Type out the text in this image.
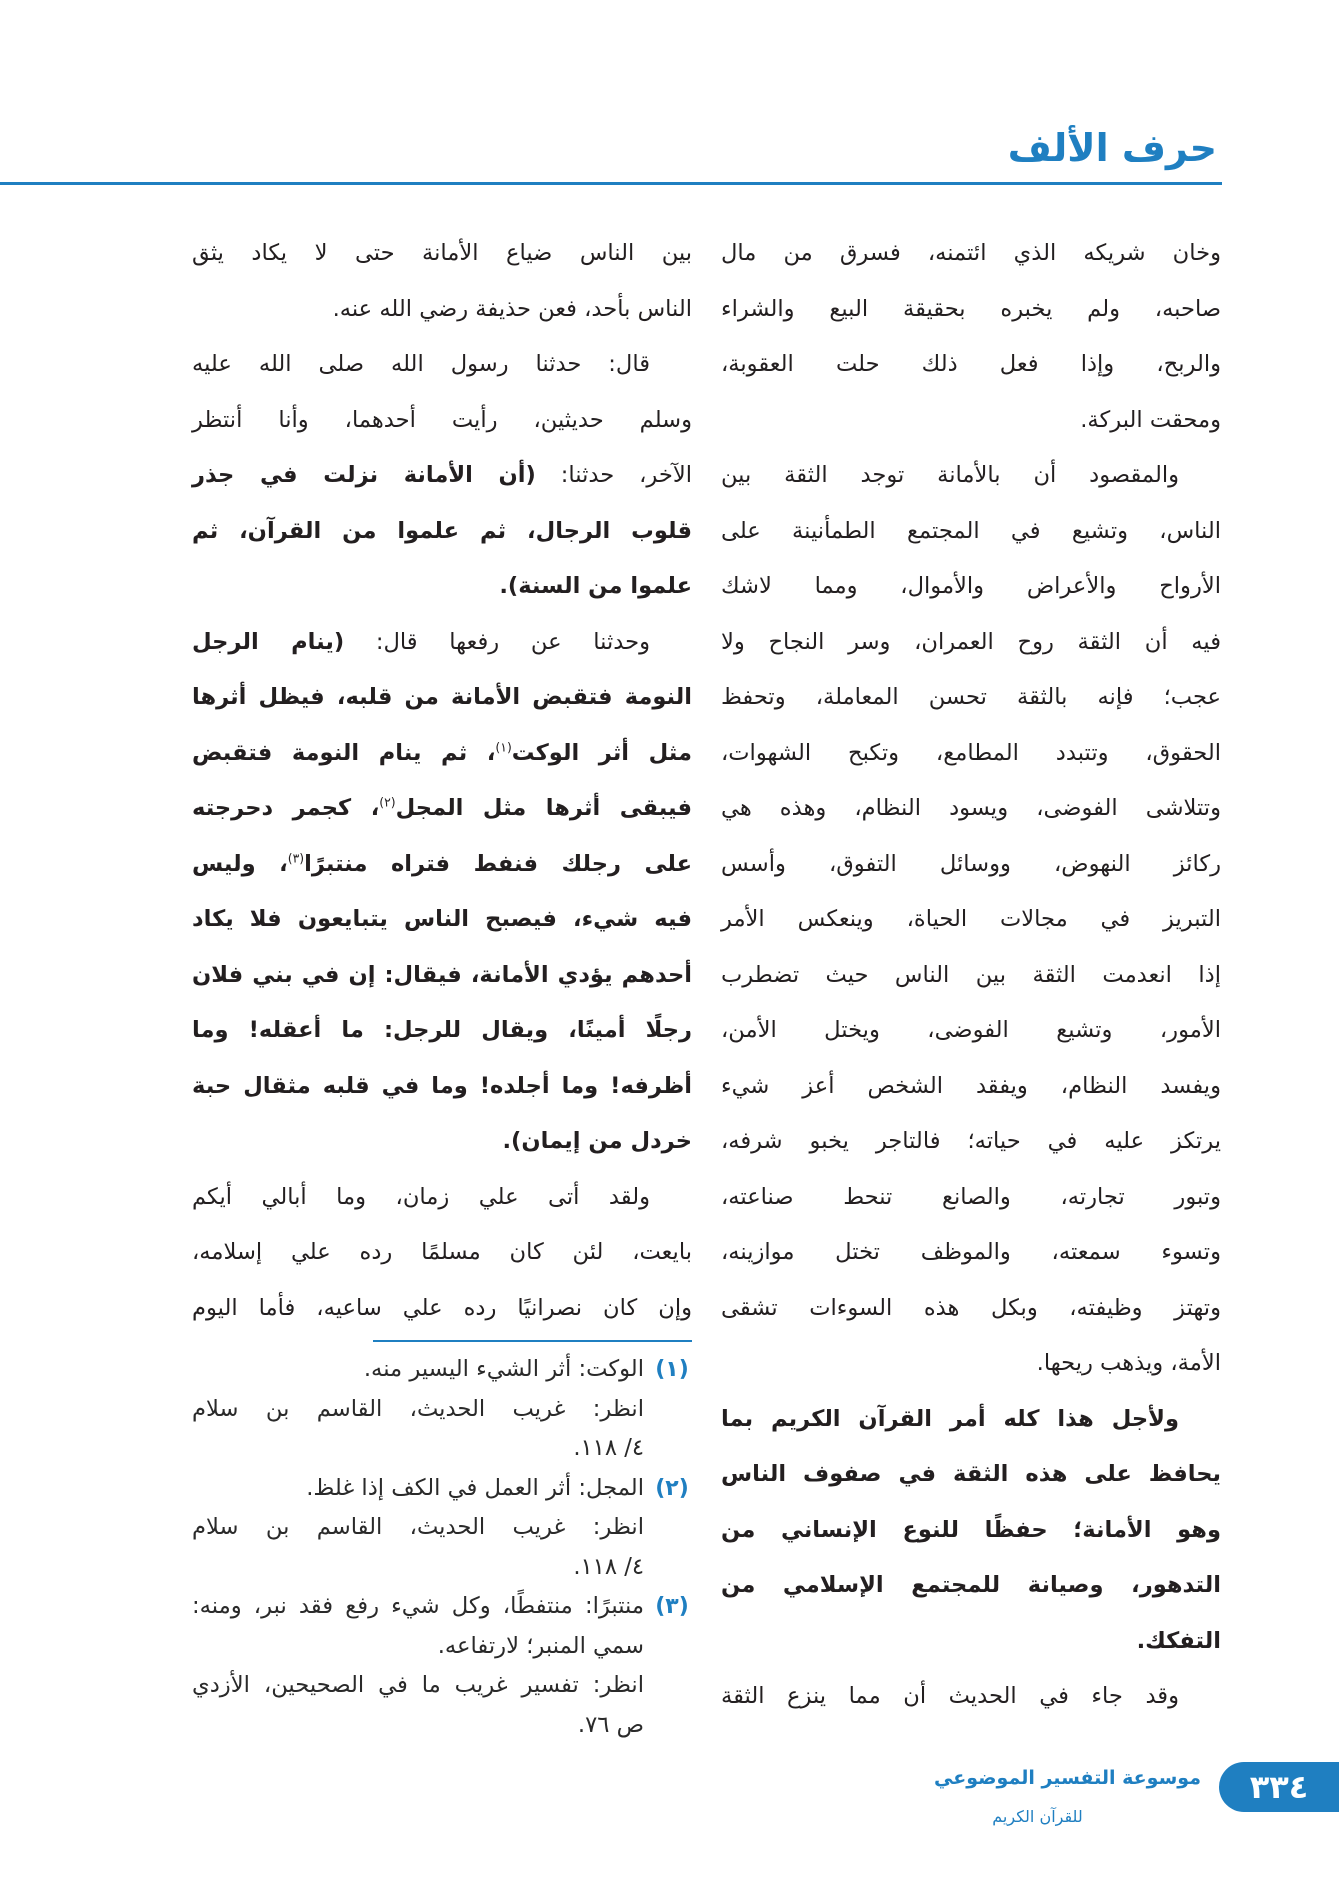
حرف الألف
وخان شريكه الذي ائتمنه، فسرق من مال
صاحبه، ولم يخبره بحقيقة البيع والشراء
والربح، وإذا فعل ذلك حلت العقوبة،
ومحقت البركة.
والمقصود أن بالأمانة توجد الثقة بين
الناس، وتشيع في المجتمع الطمأنينة على
الأرواح والأعراض والأموال، ومما لاشك
فيه أن الثقة روح العمران، وسر النجاح ولا
عجب؛ فإنه بالثقة تحسن المعاملة، وتحفظ
الحقوق، وتتبدد المطامع، وتكبح الشهوات،
وتتلاشى الفوضى، ويسود النظام، وهذه هي
ركائز النهوض، ووسائل التفوق، وأسس
التبريز في مجالات الحياة، وينعكس الأمر
إذا انعدمت الثقة بين الناس حيث تضطرب
الأمور، وتشيع الفوضى، ويختل الأمن،
ويفسد النظام، ويفقد الشخص أعز شيء
يرتكز عليه في حياته؛ فالتاجر يخبو شرفه،
وتبور تجارته، والصانع تنحط صناعته،
وتسوء سمعته، والموظف تختل موازينه،
وتهتز وظيفته، وبكل هذه السوءات تشقى
الأمة، ويذهب ريحها.
ولأجل هذا كله أمر القرآن الكريم بما
يحافظ على هذه الثقة في صفوف الناس
وهو الأمانة؛ حفظًا للنوع الإنساني من
التدهور، وصيانة للمجتمع الإسلامي من
التفكك.
وقد جاء في الحديث أن مما ينزع الثقة
بين الناس ضياع الأمانة حتى لا يكاد يثق
الناس بأحد، فعن حذيفة رضي الله عنه.
قال: حدثنا رسول الله صلى الله عليه
وسلم حديثين، رأيت أحدهما، وأنا أنتظر
الآخر، حدثنا: (أن الأمانة نزلت في جذر
قلوب الرجال، ثم علموا من القرآن، ثم
علموا من السنة).
وحدثنا عن رفعها قال: (ينام الرجل
النومة فتقبض الأمانة من قلبه، فيظل أثرها
مثل أثر الوكت$^{(١)}$، ثم ينام النومة فتقبض
فيبقى أثرها مثل المجل$^{(٢)}$، كجمر دحرجته
على رجلك فنفط فتراه منتبرًا$^{(٣)}$، وليس
فيه شيء، فيصبح الناس يتبايعون فلا يكاد
أحدهم يؤدي الأمانة، فيقال: إن في بني فلان
رجلًا أمينًا، ويقال للرجل: ما أعقله! وما
أظرفه! وما أجلده! وما في قلبه مثقال حبة
خردل من إيمان).
ولقد أتى علي زمان، وما أبالي أيكم
بايعت، لئن كان مسلمًا رده علي إسلامه،
وإن كان نصرانيًا رده علي ساعيه، فأما اليوم
(١)
الوكت: أثر الشيء اليسير منه.
انظر: غريب الحديث، القاسم بن سلام
٤/ ١١٨.
(٢)
المجل: أثر العمل في الكف إذا غلظ.
انظر: غريب الحديث، القاسم بن سلام
٤/ ١١٨.
(٣)
منتبرًا: منتفطًا، وكل شيء رفع فقد نبر، ومنه:
سمي المنبر؛ لارتفاعه.
انظر: تفسير غريب ما في الصحيحين، الأزدي
ص ٧٦.
موسوعة التفسير الموضوعي
للقرآن الكريم
٣٣٤
